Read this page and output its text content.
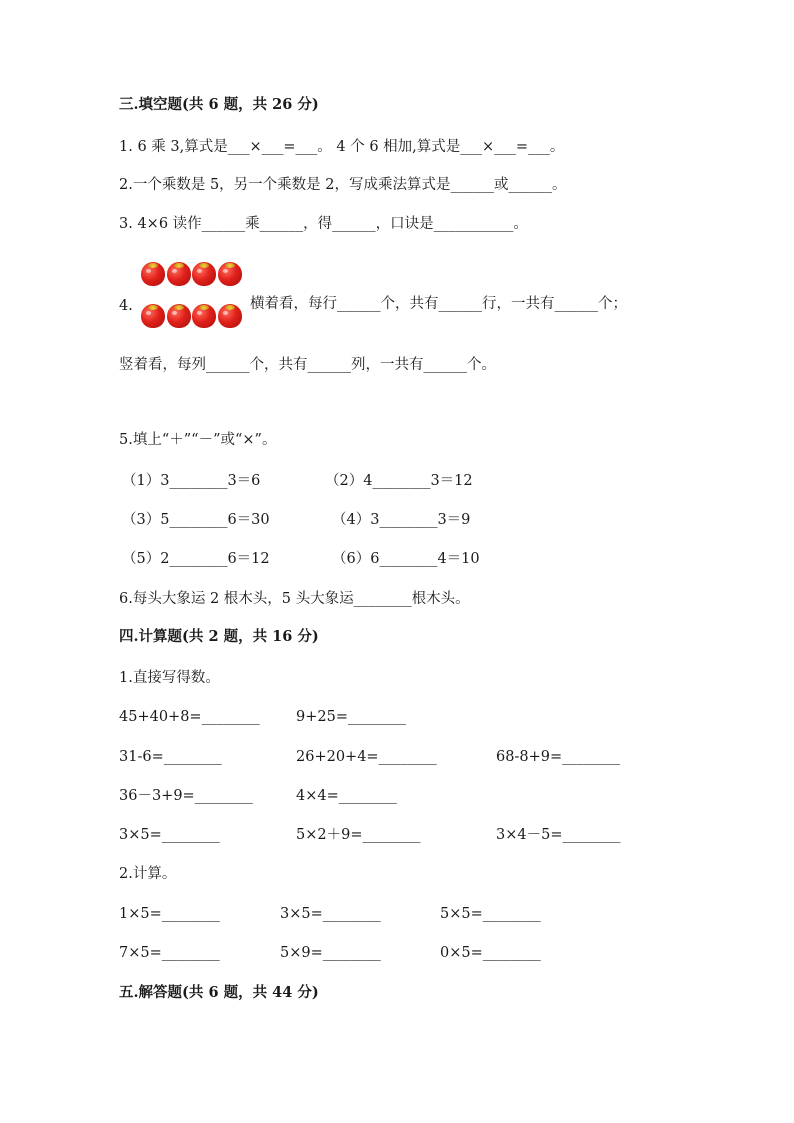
三.填空题(共 6 题，共 26 分)
1. 6 乘 3,算式是___×___=___。 4 个 6 相加,算式是___×___=___。
2.一个乘数是 5，另一个乘数是 2，写成乘法算式是______或______。
3. 4×6 读作______乘______，得______，口诀是___________。
4.	横着看，每行______个，共有______行，一共有______个；
竖着看，每列______个，共有______列，一共有______个。
5.填上“＋”“－”或“×”。
（1）3________3＝6	（2）4________3＝12
（3）5________6＝30	（4）3________3＝9
（5）2________6＝12	（6）6________4＝10
6.每头大象运 2 根木头，5 头大象运________根木头。
四.计算题(共 2 题，共 16 分)
1.直接写得数。
45+40+8=________	9+25=________
31-6=________	26+20+4=________	68-8+9=________
36－3+9=________	4×4=________
3×5=________	5×2＋9=________	3×4－5=________
2.计算。
1×5=________	3×5=________	5×5=________
7×5=________	5×9=________	0×5=________
五.解答题(共 6 题，共 44 分)
